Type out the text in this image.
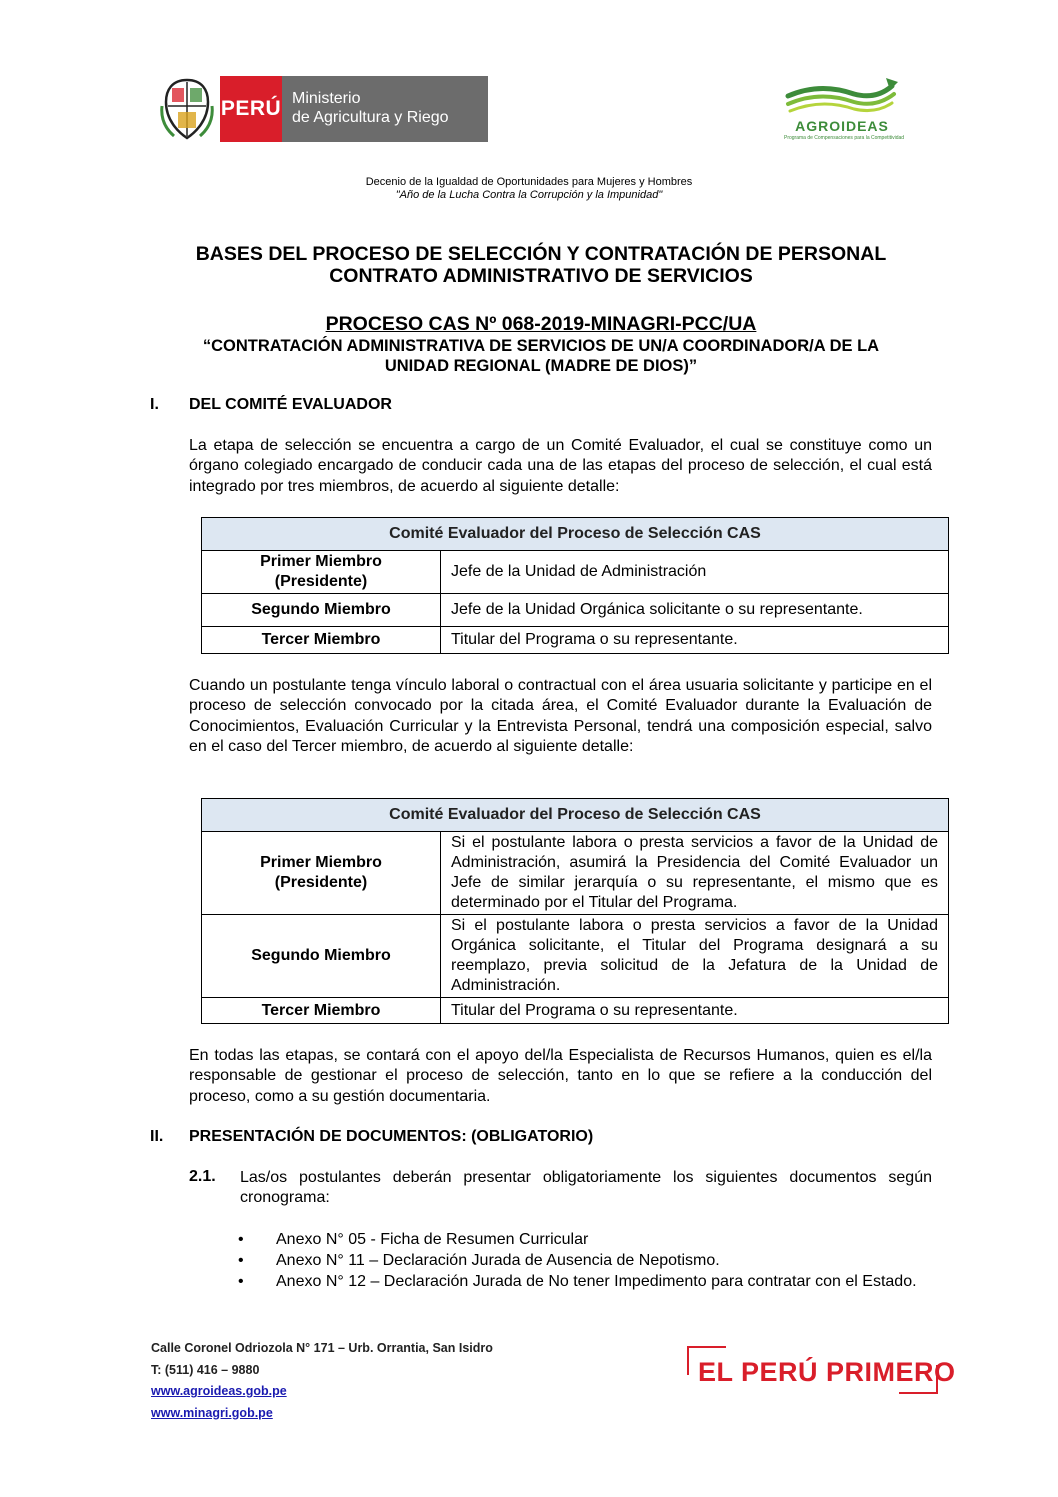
PERÚ Ministerio
de Agricultura y Riego	AGROIDEAS
Programa de Compensaciones para la Competitividad
Decenio de la Igualdad de Oportunidades para Mujeres y Hombres
"Año de la Lucha Contra la Corrupción y la Impunidad"
BASES DEL PROCESO DE SELECCIÓN Y CONTRATACIÓN DE PERSONAL
CONTRATO ADMINISTRATIVO DE SERVICIOS
PROCESO CAS Nº 068-2019-MINAGRI-PCC/UA
“CONTRATACIÓN ADMINISTRATIVA DE SERVICIOS DE UN/A COORDINADOR/A DE LA
UNIDAD REGIONAL (MADRE DE DIOS)”
I. DEL COMITÉ EVALUADOR
La etapa de selección se encuentra a cargo de un Comité Evaluador, el cual se constituye como un órgano colegiado encargado de conducir cada una de las etapas del proceso de selección, el cual está integrado por tres miembros, de acuerdo al siguiente detalle:
Comité Evaluador del Proceso de Selección CAS	

Primer Miembro
(Presidente)	Jefe de la Unidad de Administración
Segundo Miembro	Jefe de la Unidad Orgánica solicitante o su representante.
Tercer Miembro	Titular del Programa o su representante.
Cuando un postulante tenga vínculo laboral o contractual con el área usuaria solicitante y participe en el proceso de selección convocado por la citada área, el Comité Evaluador durante la Evaluación de Conocimientos, Evaluación Curricular y la Entrevista Personal, tendrá una composición especial, salvo en el caso del Tercer miembro, de acuerdo al siguiente detalle:
Comité Evaluador del Proceso de Selección CAS	

Primer Miembro
(Presidente)	Si el postulante labora o presta servicios a favor de la Unidad de Administración, asumirá la Presidencia del Comité Evaluador un Jefe de similar jerarquía o su representante, el mismo que es determinado por el Titular del Programa.
Segundo Miembro	Si el postulante labora o presta servicios a favor de la Unidad Orgánica solicitante, el Titular del Programa designará a su reemplazo, previa solicitud de la Jefatura de la Unidad de Administración.
Tercer Miembro	Titular del Programa o su representante.
En todas las etapas, se contará con el apoyo del/la Especialista de Recursos Humanos, quien es el/la responsable de gestionar el proceso de selección, tanto en lo que se refiere a la conducción del proceso, como a su gestión documentaria.
II. PRESENTACIÓN DE DOCUMENTOS: (OBLIGATORIO)
2.1. Las/os postulantes deberán presentar obligatoriamente los siguientes documentos según cronograma:
• Anexo N° 05 - Ficha de Resumen Curricular
• Anexo N° 11 – Declaración Jurada de Ausencia de Nepotismo.
• Anexo N° 12 – Declaración Jurada de No tener Impedimento para contratar con el Estado.
Calle Coronel Odriozola N° 171 – Urb. Orrantia, San Isidro
T: (511) 416 – 9880
www.agroideas.gob.pe
www.minagri.gob.pe
EL PERÚ PRIMERO
